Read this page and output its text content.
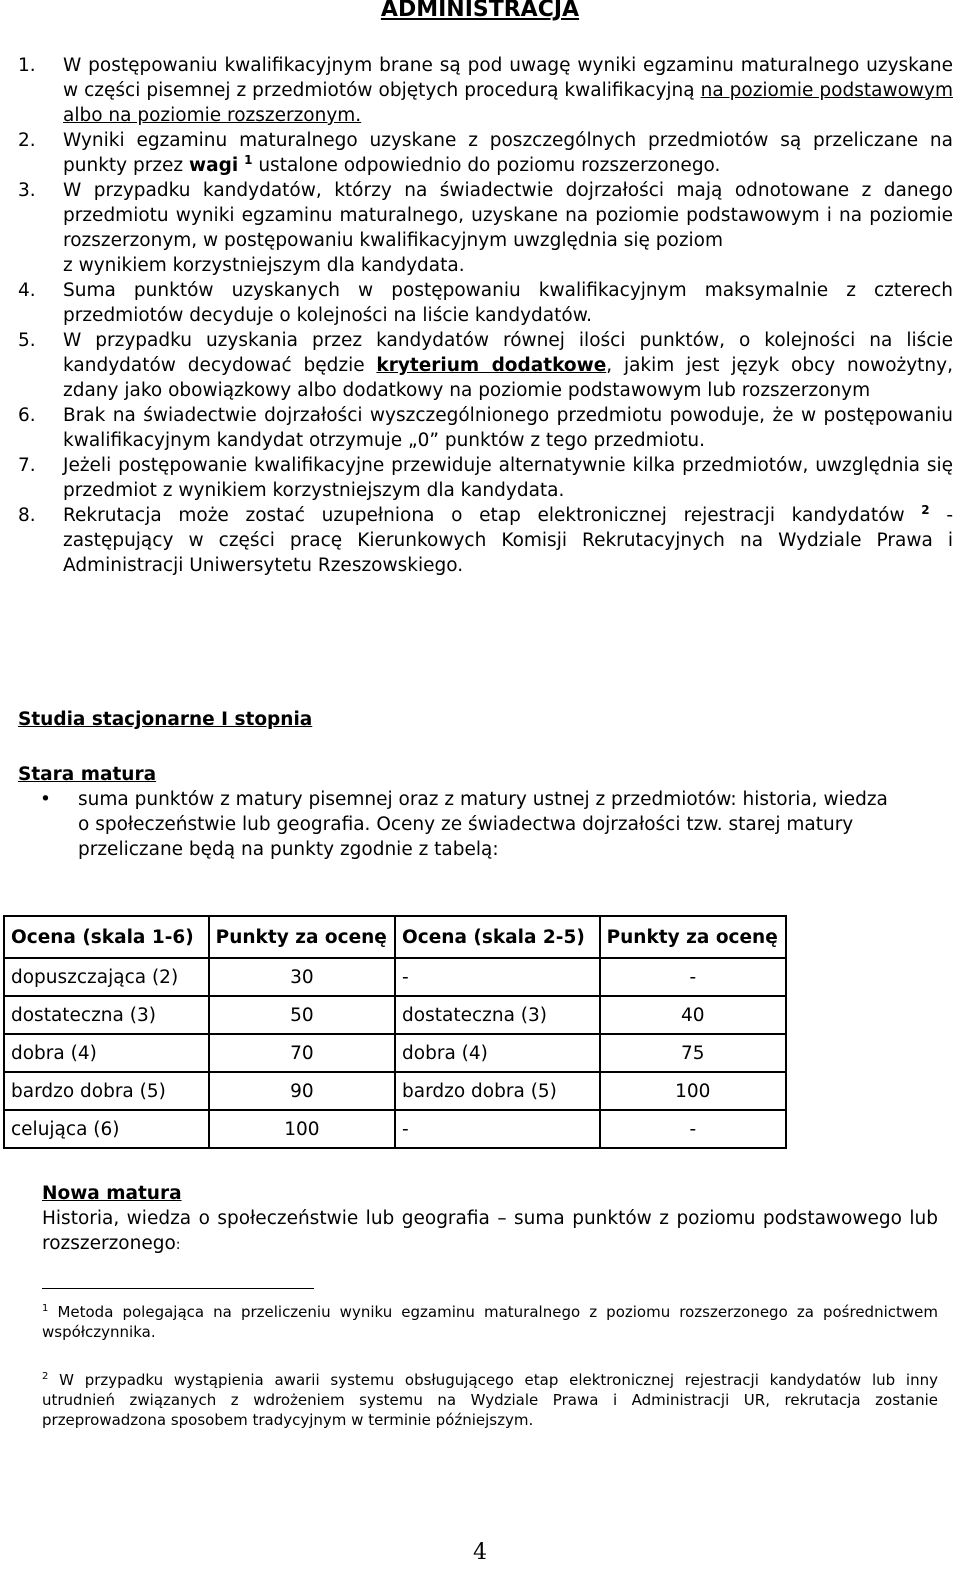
ADMINISTRACJA
1. W postępowaniu kwalifikacyjnym brane są pod uwagę wyniki egzaminu maturalnego uzyskane w części pisemnej z przedmiotów objętych procedurą kwalifikacyjną na poziomie podstawowym albo na poziomie rozszerzonym.
2. Wyniki egzaminu maturalnego uzyskane z poszczególnych przedmiotów są przeliczane na punkty przez wagi $^1$ ustalone odpowiednio do poziomu rozszerzonego.
3. W przypadku kandydatów, którzy na świadectwie dojrzałości mają odnotowane z danego przedmiotu wyniki egzaminu maturalnego, uzyskane na poziomie podstawowym i na poziomie rozszerzonym, w postępowaniu kwalifikacyjnym uwzględnia się poziom
z wynikiem korzystniejszym dla kandydata.
4. Suma punktów uzyskanych w postępowaniu kwalifikacyjnym maksymalnie z czterech przedmiotów decyduje o kolejności na liście kandydatów.
5. W przypadku uzyskania przez kandydatów równej ilości punktów, o kolejności na liście kandydatów decydować będzie kryterium dodatkowe, jakim jest język obcy nowożytny, zdany jako obowiązkowy albo dodatkowy na poziomie podstawowym lub rozszerzonym
6. Brak na świadectwie dojrzałości wyszczególnionego przedmiotu powoduje, że w postępowaniu kwalifikacyjnym kandydat otrzymuje „0” punktów z tego przedmiotu.
7. Jeżeli postępowanie kwalifikacyjne przewiduje alternatywnie kilka przedmiotów, uwzględnia się przedmiot z wynikiem korzystniejszym dla kandydata.
8. Rekrutacja może zostać uzupełniona o etap elektronicznej rejestracji kandydatów $^2$ - zastępujący w części pracę Kierunkowych Komisji Rekrutacyjnych na Wydziale Prawa i Administracji Uniwersytetu Rzeszowskiego.
Studia stacjonarne I stopnia
Stara matura
• suma punktów z matury pisemnej oraz z matury ustnej z przedmiotów: historia, wiedza
o społeczeństwie lub geografia. Oceny ze świadectwa dojrzałości tzw. starej matury przeliczane będą na punkty zgodnie z tabelą:
Ocena (skala 1-6)	Punkty za ocenę	Ocena (skala 2-5)	Punkty za ocenę
dopuszczająca (2)	30	-	-
dostateczna (3)	50	dostateczna (3)	40
dobra (4)	70	dobra (4)	75
bardzo dobra (5)	90	bardzo dobra (5)	100
celująca (6)	100	-	-
Nowa matura
Historia, wiedza o społeczeństwie lub geografia – suma punktów z poziomu podstawowego lub rozszerzonego:
$^1$ Metoda polegająca na przeliczeniu wyniku egzaminu maturalnego z poziomu rozszerzonego za pośrednictwem współczynnika.
$^2$ W przypadku wystąpienia awarii systemu obsługującego etap elektronicznej rejestracji kandydatów lub inny utrudnień związanych z wdrożeniem systemu na Wydziale Prawa i Administracji UR, rekrutacja zostanie przeprowadzona sposobem tradycyjnym w terminie późniejszym.
4
